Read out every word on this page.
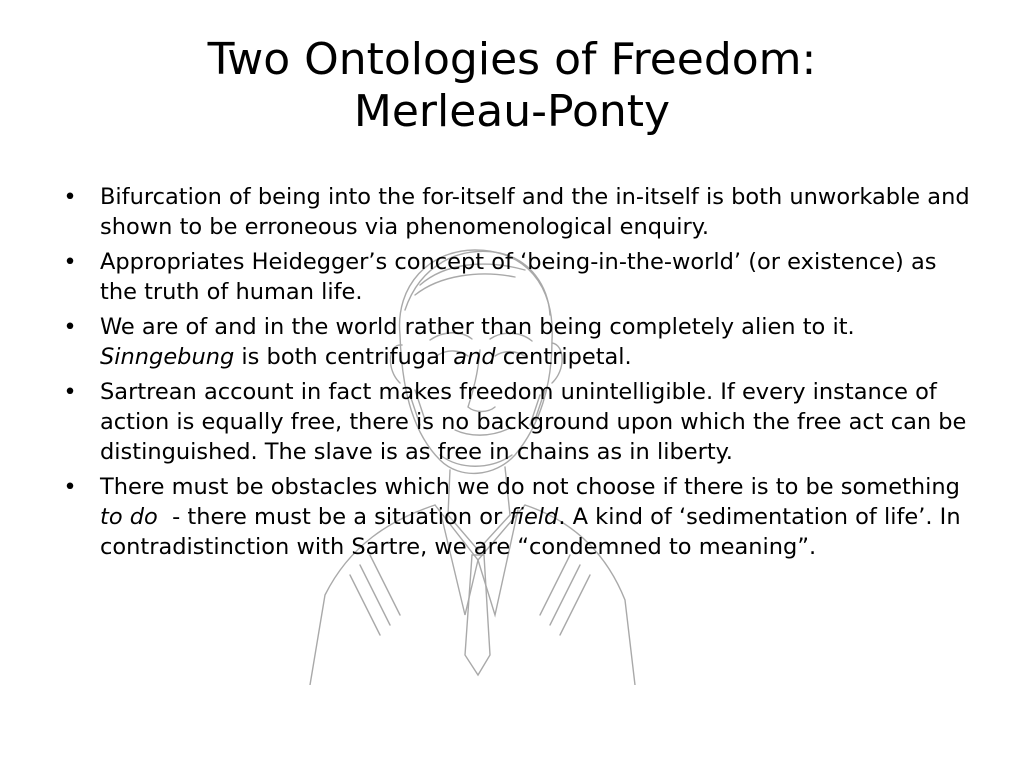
Two Ontologies of Freedom:
Merleau-Ponty
• Bifurcation of being into the for-itself and the in-itself is both unworkable and shown to be erroneous via phenomenological enquiry.
• Appropriates Heidegger’s concept of ‘being-in-the-world’ (or existence) as the truth of human life.
• We are of and in the world rather than being completely alien to it. Sinngebung is both centrifugal and centripetal.
• Sartrean account in fact makes freedom unintelligible. If every instance of action is equally free, there is no background upon which the free act can be distinguished. The slave is as free in chains as in liberty.
• There must be obstacles which we do not choose if there is to be something to do  - there must be a situation or field. A kind of ‘sedimentation of life’. In contradistinction with Sartre, we are “condemned to meaning”.
